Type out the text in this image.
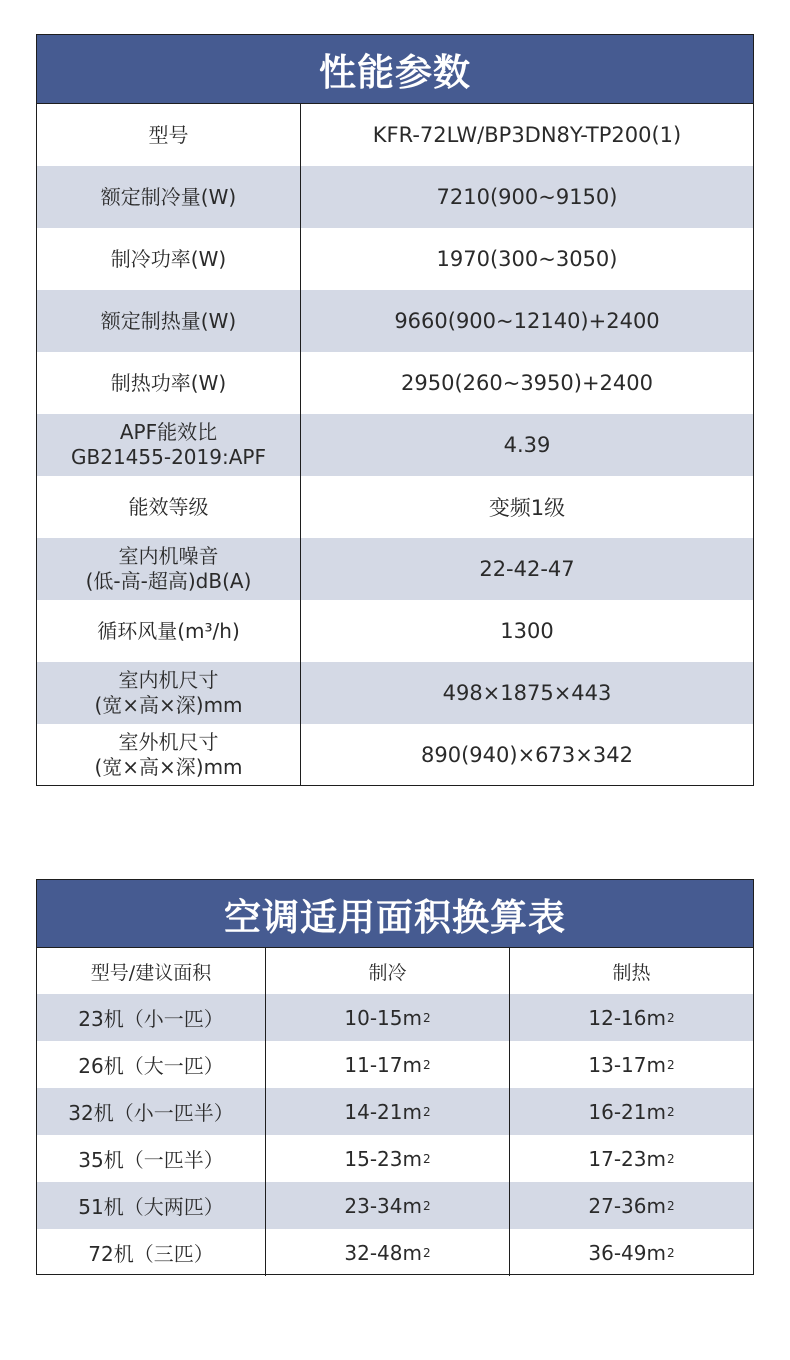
性能参数
型号	KFR-72LW/BP3DN8Y-TP200(1)
额定制冷量(W)	7210(900~9150)
制冷功率(W)	1970(300~3050)
额定制热量(W)	9660(900~12140)+2400
制热功率(W)	2950(260~3950)+2400
APF能效比
GB21455-2019:APF	4.39
能效等级	变频1级
室内机噪音
(低-高-超高)dB(A)	22-42-47
循环风量(m³/h)	1300
室内机尺寸
(宽×高×深)mm	498×1875×443
室外机尺寸
(宽×高×深)mm	890(940)×673×342
空调适用面积换算表
型号/建议面积	制冷	制热
23机（小一匹）	10-15m 2	12-16m 2
26机（大一匹）	11-17m 2	13-17m 2
32机（小一匹半）	14-21m 2	16-21m 2
35机（一匹半）	15-23m 2	17-23m 2
51机（大两匹）	23-34m 2	27-36m 2
72机（三匹）	32-48m 2	36-49m 2
